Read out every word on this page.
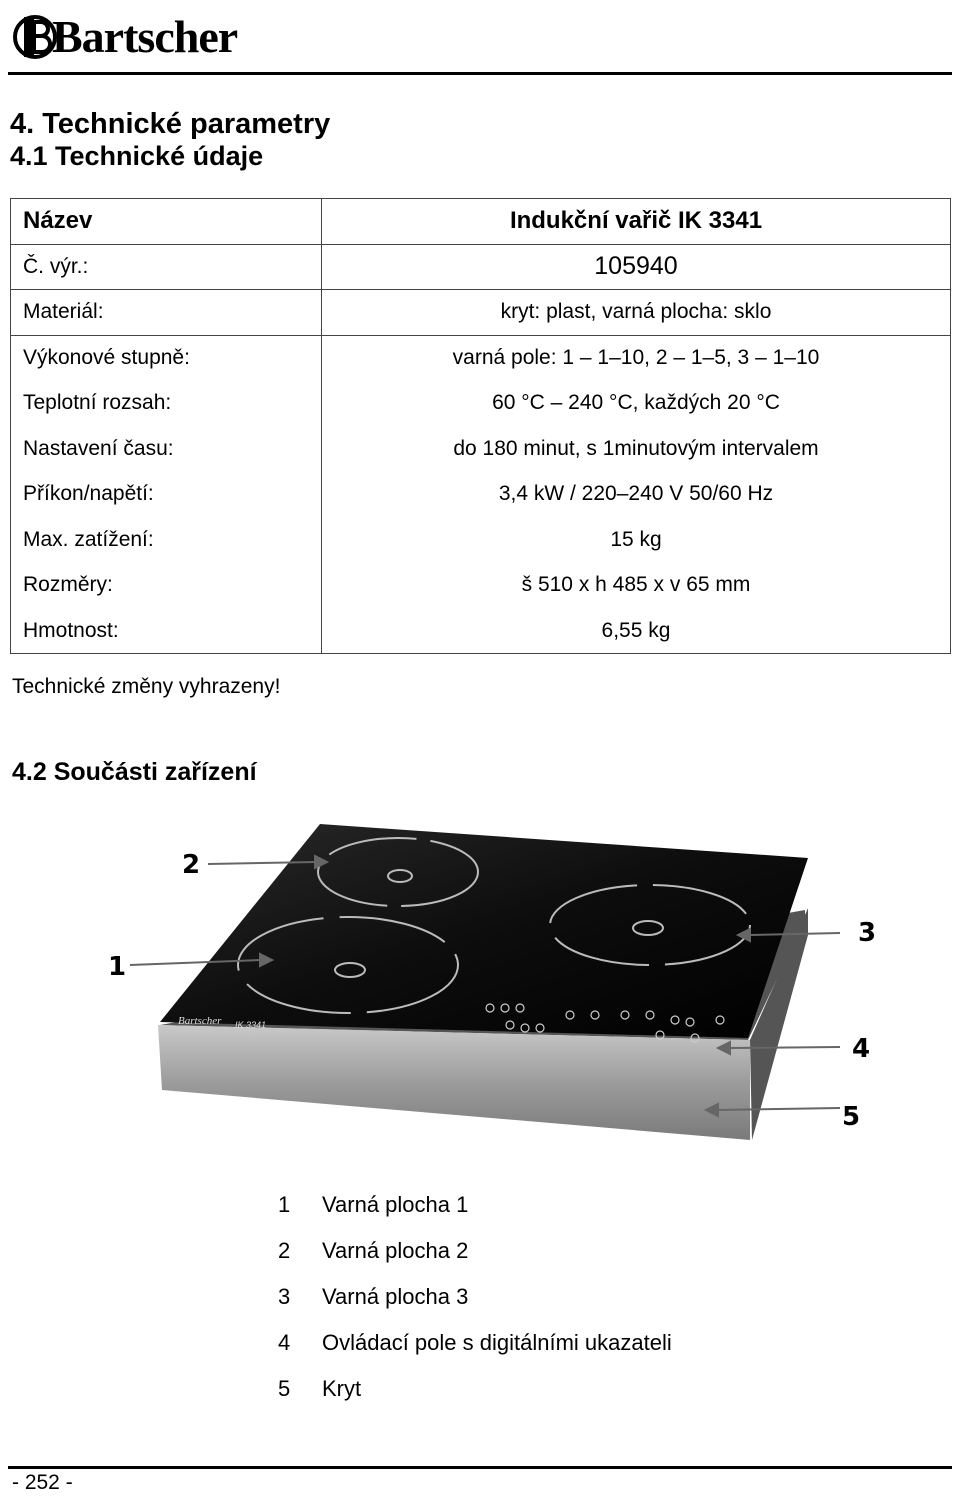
Bartscher
4. Technické parametry
4.1 Technické údaje
Název	Indukční vařič IK 3341
Č. výr.:	105940
Materiál:	kryt: plast, varná plocha: sklo
Výkonové stupně:	varná pole: 1 – 1–10, 2 – 1–5, 3 – 1–10
Teplotní rozsah:	60 °C – 240 °C, každých 20 °C
Nastavení času:	do 180 minut, s 1minutovým intervalem
Příkon/napětí:	3,4 kW / 220–240 V 50/60 Hz
Max. zatížení:	15 kg
Rozměry:	š 510 x h 485 x v 65 mm
Hmotnost:	6,55 kg
Technické změny vyhrazeny!
4.2 Součásti zařízení
Bartscher IK 3341
1
2
3
4
5
1	Varná plocha 1
2	Varná plocha 2
3	Varná plocha 3
4	Ovládací pole s digitálními ukazateli
5	Kryt
- 252 -
